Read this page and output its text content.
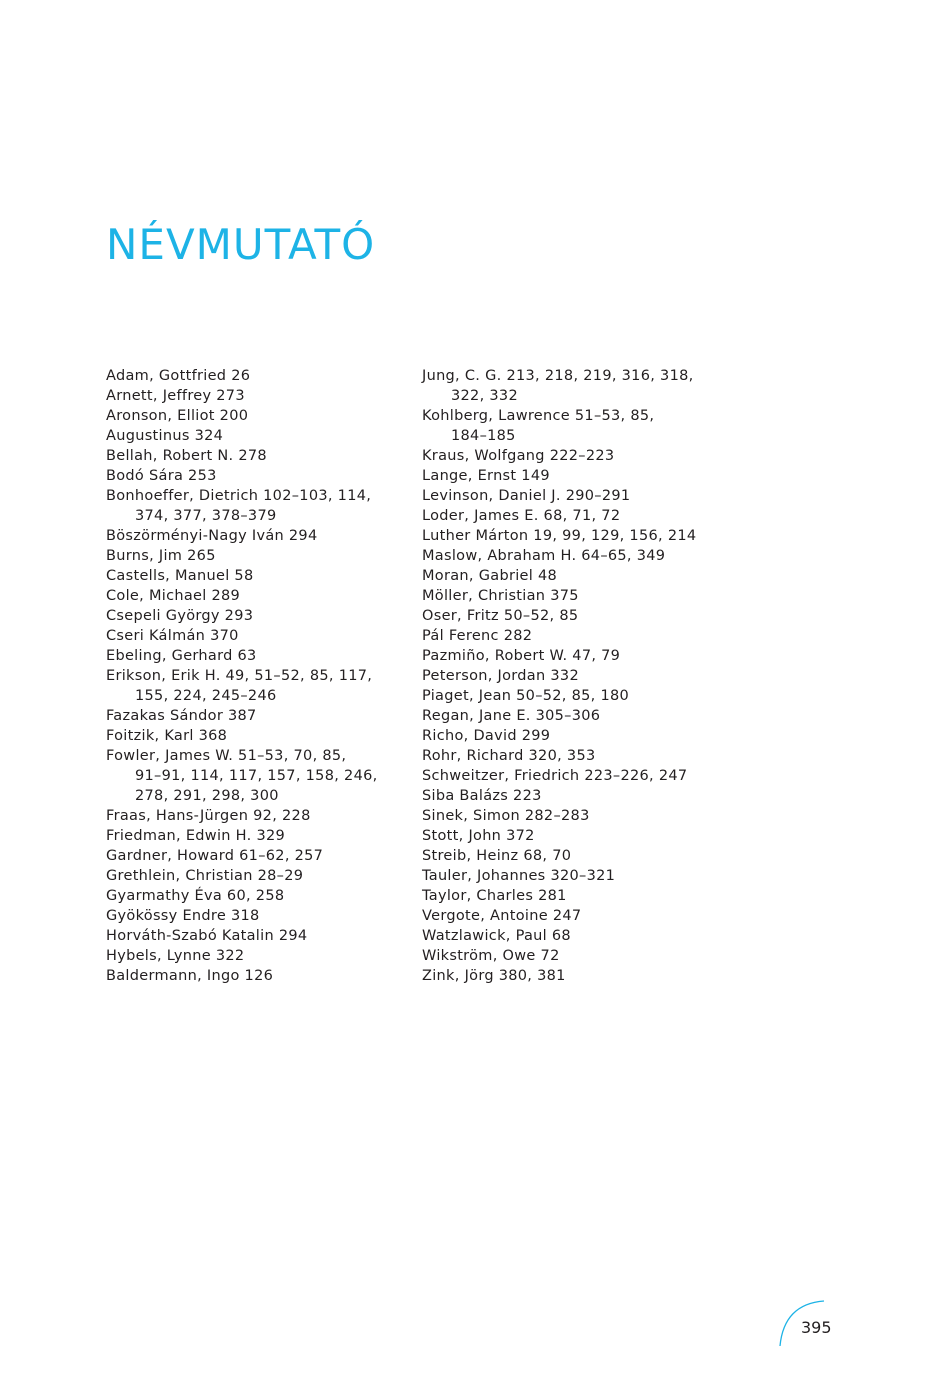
NÉVMUTATÓ
Adam, Gottfried 26
Arnett, Jeffrey 273
Aronson, Elliot 200
Augustinus 324
Bellah, Robert N. 278
Bodó Sára 253
Bonhoeffer, Dietrich 102–103, 114,
374, 377, 378–379
Böszörményi-Nagy Iván 294
Burns, Jim 265
Castells, Manuel 58
Cole, Michael 289
Csepeli György 293
Cseri Kálmán 370
Ebeling, Gerhard 63
Erikson, Erik H. 49, 51–52, 85, 117,
155, 224, 245–246
Fazakas Sándor 387
Foitzik, Karl 368
Fowler, James W. 51–53, 70, 85,
91–91, 114, 117, 157, 158, 246,
278, 291, 298, 300
Fraas, Hans-Jürgen 92, 228
Friedman, Edwin H. 329
Gardner, Howard 61–62, 257
Grethlein, Christian 28–29
Gyarmathy Éva 60, 258
Gyökössy Endre 318
Horváth-Szabó Katalin 294
Hybels, Lynne 322
Baldermann, Ingo 126
Jung, C. G. 213, 218, 219, 316, 318,
322, 332
Kohlberg, Lawrence 51–53, 85,
184–185
Kraus, Wolfgang 222–223
Lange, Ernst 149
Levinson, Daniel J. 290–291
Loder, James E. 68, 71, 72
Luther Márton 19, 99, 129, 156, 214
Maslow, Abraham H. 64–65, 349
Moran, Gabriel 48
Möller, Christian 375
Oser, Fritz 50–52, 85
Pál Ferenc 282
Pazmiño, Robert W. 47, 79
Peterson, Jordan 332
Piaget, Jean 50–52, 85, 180
Regan, Jane E. 305–306
Richo, David 299
Rohr, Richard 320, 353
Schweitzer, Friedrich 223–226, 247
Siba Balázs 223
Sinek, Simon 282–283
Stott, John 372
Streib, Heinz 68, 70
Tauler, Johannes 320–321
Taylor, Charles 281
Vergote, Antoine 247
Watzlawick, Paul 68
Wikström, Owe 72
Zink, Jörg 380, 381
395
